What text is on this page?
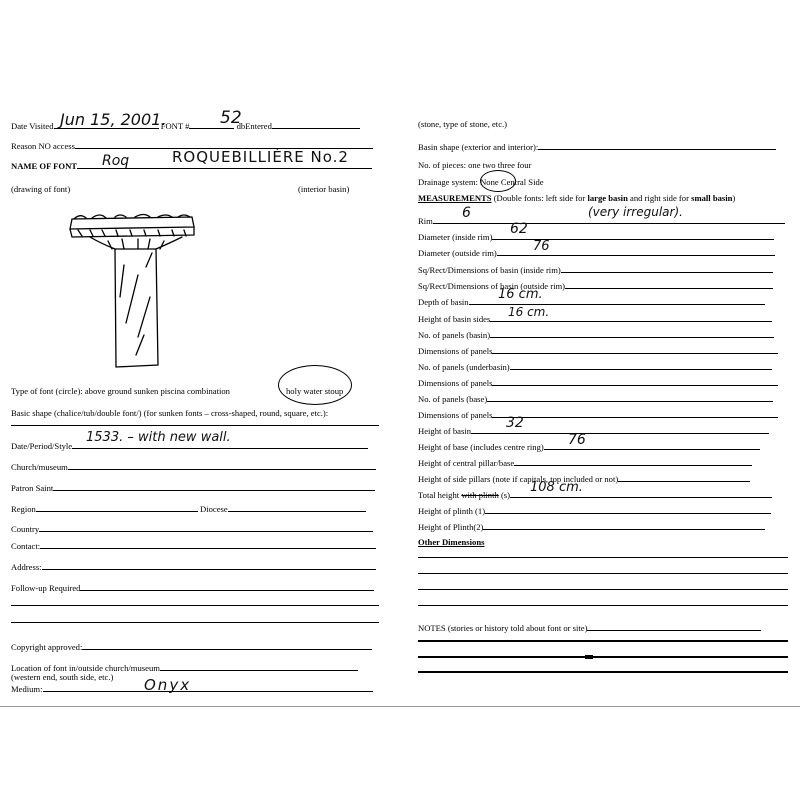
Date Visited	FONT #	dbEntered
Jun 15, 2001.	52
Reason NO access
NAME OF FONT	Roq	ROQUEBILLIÈRE No.2
(drawing of font)	(interior basin)
Type of font (circle): above ground sunken piscina combination	holy water stoup
Basic shape (chalice/tub/double font/) (for sunken fonts – cross-shaped, round, square, etc.):
Date/Period/Style
1533. – with new wall.
Church/museum
Patron Saint
Region	Diocese
Country
Contact:
Address:
Follow-up Required
Copyright approved:
Location of font in/outside church/museum
(western end, south side, etc.)
Medium:	Onyx
(stone, type of stone, etc.)
Basin shape (exterior and interior):
No. of pieces: one two three four
Drainage system: None Central Side
MEASUREMENTS (Double fonts: left side for large basin and right side for small basin)
Rim	6	(very irregular).
Diameter (inside rim)	62
Diameter (outside rim)	76
Sq/Rect/Dimensions of basin (inside rim)
Sq/Rect/Dimensions of basin (outside rim)
Depth of basin	16 cm.
Height of basin sides	16 cm.
No. of panels (basin)
Dimensions of panels
No. of panels (underbasin)
Dimensions of panels
No. of panels (base)
Dimensions of panels
Height of basin	32
Height of base (includes centre ring)	76
Height of central pillar/base
Height of side pillars (note if capitals, top included or not)
Total height with plinth (s)	108 cm.
Height of plinth (1)
Height of Plinth(2)
Other Dimensions
NOTES (stories or history told about font or site)
